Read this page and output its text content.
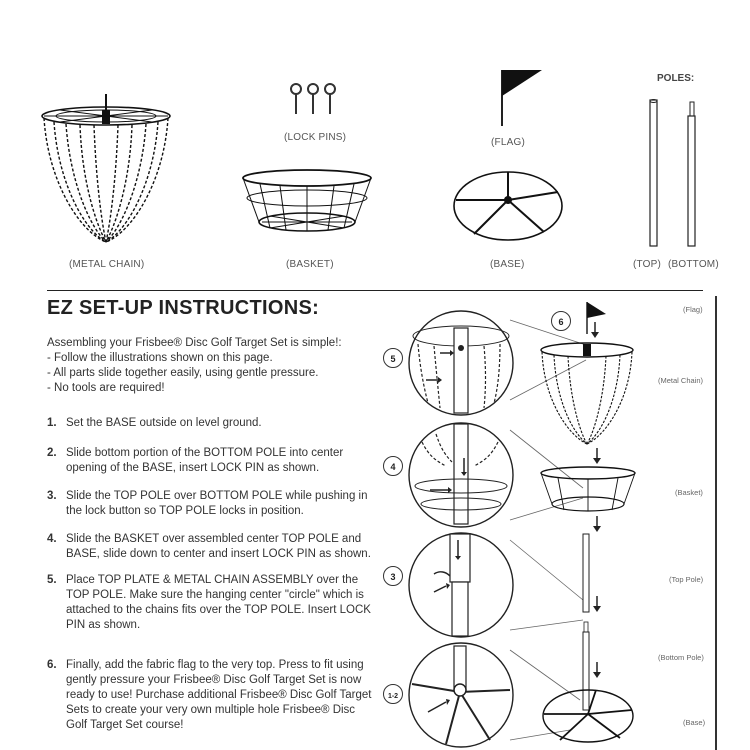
(METAL CHAIN)
(LOCK PINS)
(BASKET)
(FLAG)
(BASE)
POLES:
(TOP) (BOTTOM)
EZ SET-UP INSTRUCTIONS:
Assembling your Frisbee® Disc Golf Target Set is simple!:
- Follow the illustrations shown on this page.
- All parts slide together easily, using gentle pressure.
- No tools are required!
1. Set the BASE outside on level ground.
2. Slide bottom portion of the BOTTOM POLE into center opening of the BASE, insert LOCK PIN as shown.
3. Slide the TOP POLE over BOTTOM POLE while pushing in the lock button so TOP POLE locks in position.
4. Slide the BASKET over assembled center TOP POLE and BASE, slide down to center and insert LOCK PIN as shown.
5. Place TOP PLATE & METAL CHAIN ASSEMBLY over the TOP POLE. Make sure the hanging center "circle" which is attached to the chains fits over the TOP POLE. Insert LOCK PIN as shown.
6. Finally, add the fabric flag to the very top. Press to fit using gently pressure your Frisbee® Disc Golf Target Set is now ready to use! Purchase additional Frisbee® Disc Golf Target Sets to create your very own multiple hole Frisbee® Disc Golf Target Set course!
5
4
3
1-2
6
(Flag)
(Metal Chain)
(Basket)
(Top Pole)
(Bottom Pole)
(Base)
